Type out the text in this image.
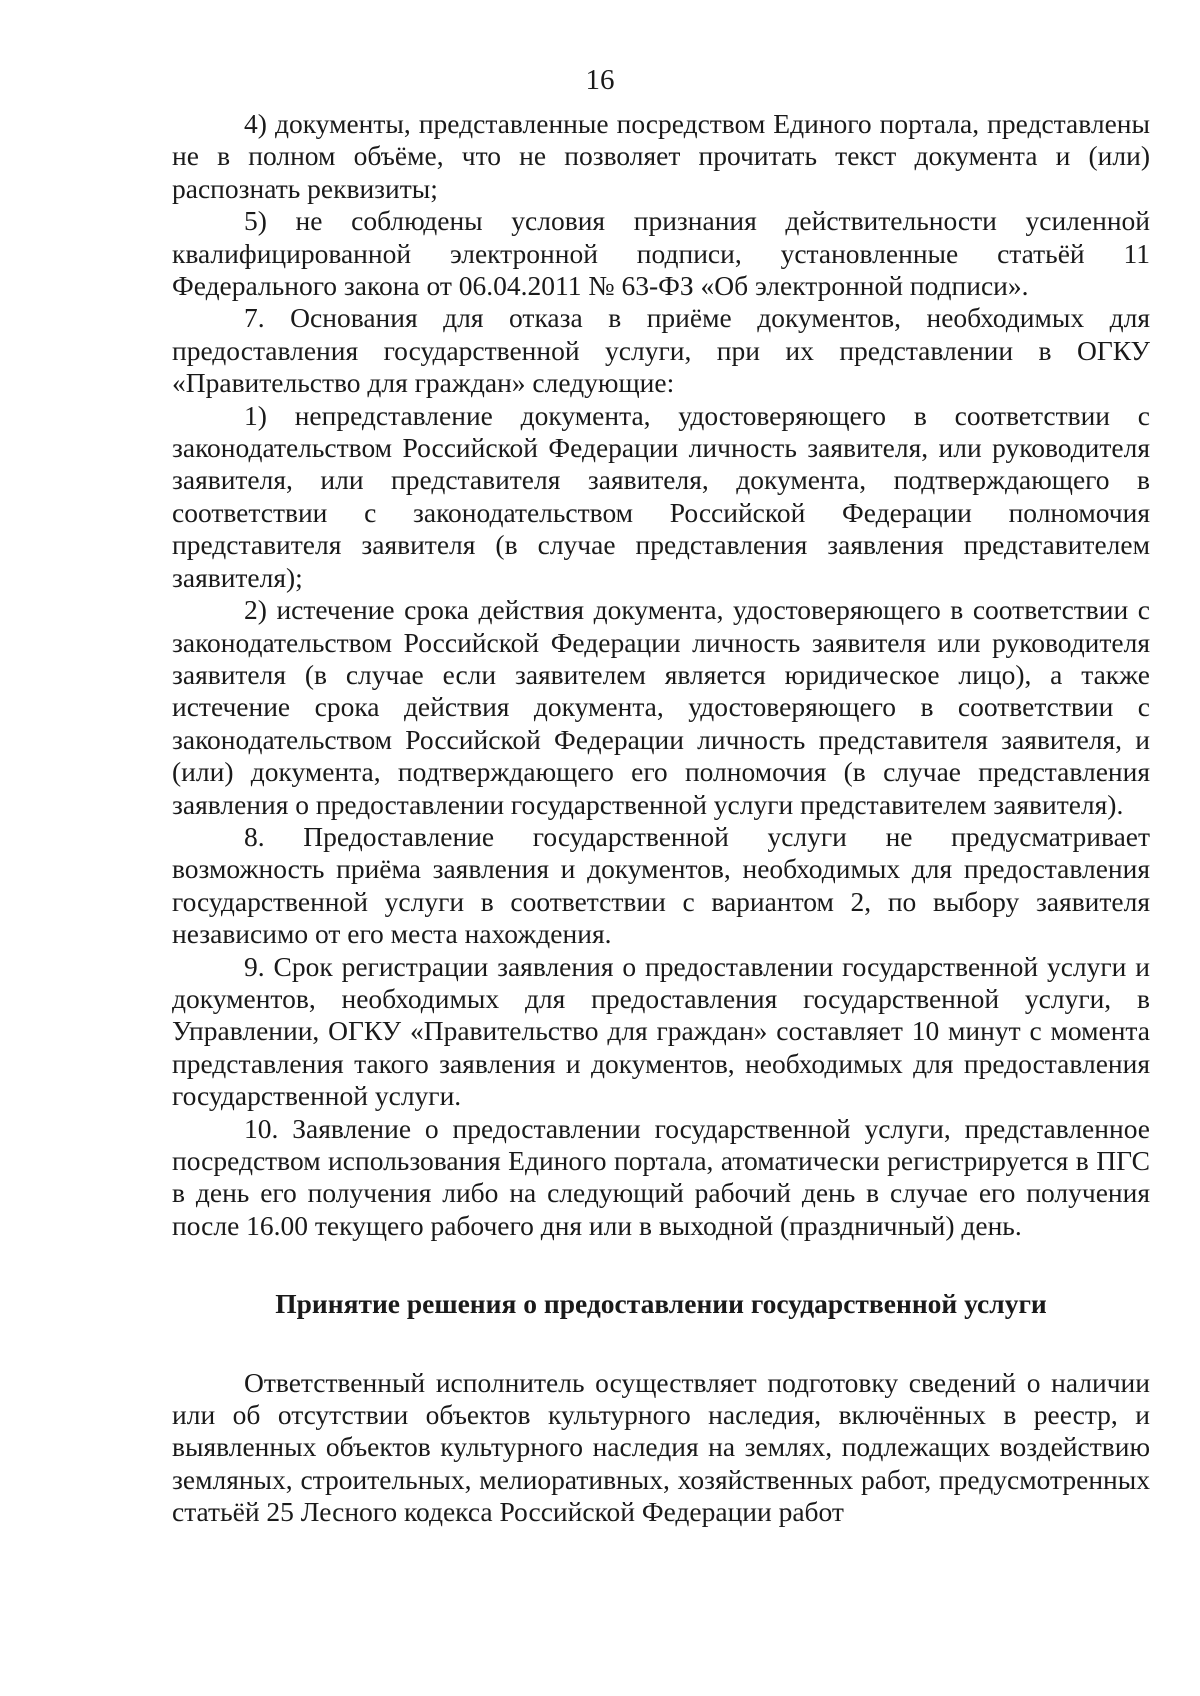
16

4) документы, представленные посредством Единого портала, представлены не в полном объёме, что не позволяет прочитать текст документа и (или) распознать реквизиты;

5) не соблюдены условия признания действительности усиленной квалифицированной электронной подписи, установленные статьёй 11 Федерального закона от 06.04.2011 № 63-ФЗ «Об электронной подписи».

7. Основания для отказа в приёме документов, необходимых для предоставления государственной услуги, при их представлении в ОГКУ «Правительство для граждан» следующие:

1) непредставление документа, удостоверяющего в соответствии с законодательством Российской Федерации личность заявителя, или руководителя заявителя, или представителя заявителя, документа, подтверждающего в соответствии с законодательством Российской Федерации полномочия представителя заявителя (в случае представления заявления представителем заявителя);

2) истечение срока действия документа, удостоверяющего в соответствии с законодательством Российской Федерации личность заявителя или руководителя заявителя (в случае если заявителем является юридическое лицо), а также истечение срока действия документа, удостоверяющего в соответствии с законодательством Российской Федерации личность представителя заявителя, и (или) документа, подтверждающего его полномочия (в случае представления заявления о предоставлении государственной услуги представителем заявителя).

8. Предоставление государственной услуги не предусматривает возможность приёма заявления и документов, необходимых для предоставления государственной услуги в соответствии с вариантом 2, по выбору заявителя независимо от его места нахождения.

9. Срок регистрации заявления о предоставлении государственной услуги и документов, необходимых для предоставления государственной услуги, в Управлении, ОГКУ «Правительство для граждан» составляет 10 минут с момента представления такого заявления и документов, необходимых для предоставления государственной услуги.

10. Заявление о предоставлении государственной услуги, представленное посредством использования Единого портала, атоматически регистрируется в ПГС в день его получения либо на следующий рабочий день в случае его получения после 16.00 текущего рабочего дня или в выходной (праздничный) день.

Принятие решения о предоставлении государственной услуги

Ответственный исполнитель осуществляет подготовку сведений о наличии или об отсутствии объектов культурного наследия, включённых в реестр, и выявленных объектов культурного наследия на землях, подлежащих воздействию земляных, строительных, мелиоративных, хозяйственных работ, предусмотренных статьёй 25 Лесного кодекса Российской Федерации работ
